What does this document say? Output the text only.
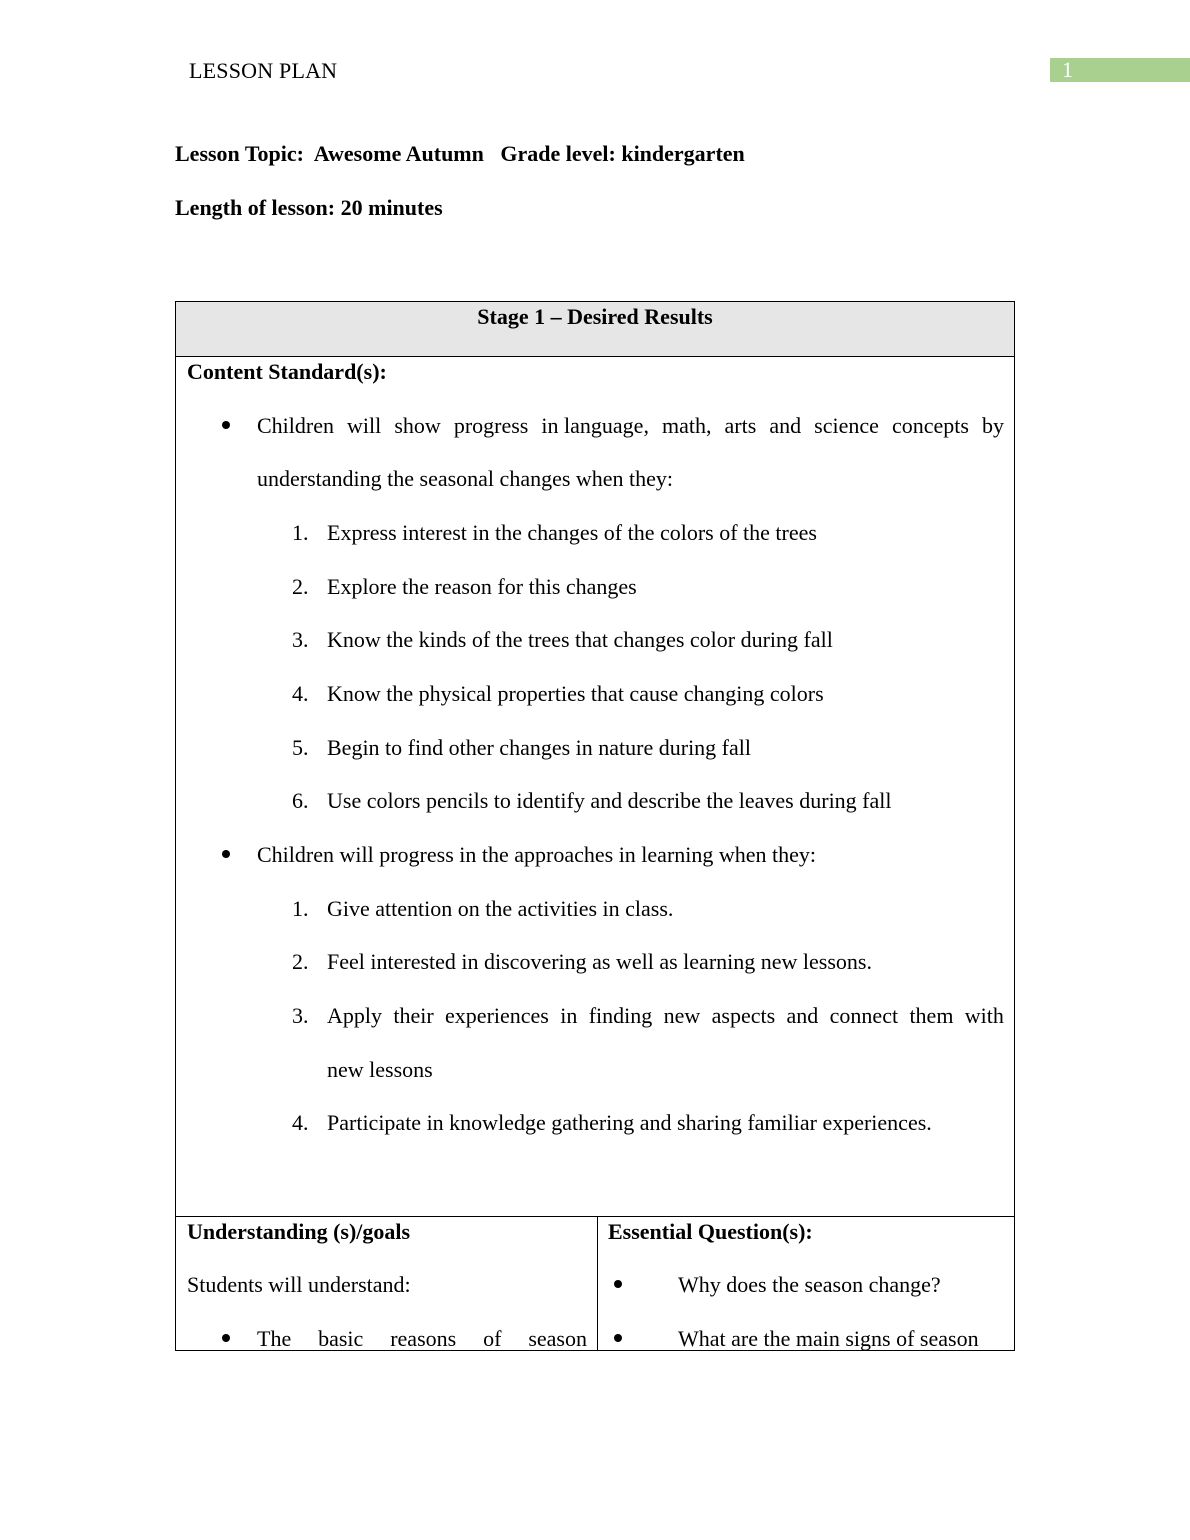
LESSON PLAN	1
Lesson Topic:  Awesome Autumn   Grade level: kindergarten
Length of lesson: 20 minutes
Stage 1 – Desired Results
Content Standard(s):
Children will show progress in language, math, arts and science concepts by
understanding the seasonal changes when they:
1. Express interest in the changes of the colors of the trees
2. Explore the reason for this changes
3. Know the kinds of the trees that changes color during fall
4. Know the physical properties that cause changing colors
5. Begin to find other changes in nature during fall
6. Use colors pencils to identify and describe the leaves during fall
Children will progress in the approaches in learning when they:
1. Give attention on the activities in class.
2. Feel interested in discovering as well as learning new lessons.
3. Apply their experiences in finding new aspects and connect them with
new lessons
4. Participate in knowledge gathering and sharing familiar experiences.
Understanding (s)/goals
Students will understand:
The basic reasons of season
Essential Question(s):
Why does the season change?
What are the main signs of season
